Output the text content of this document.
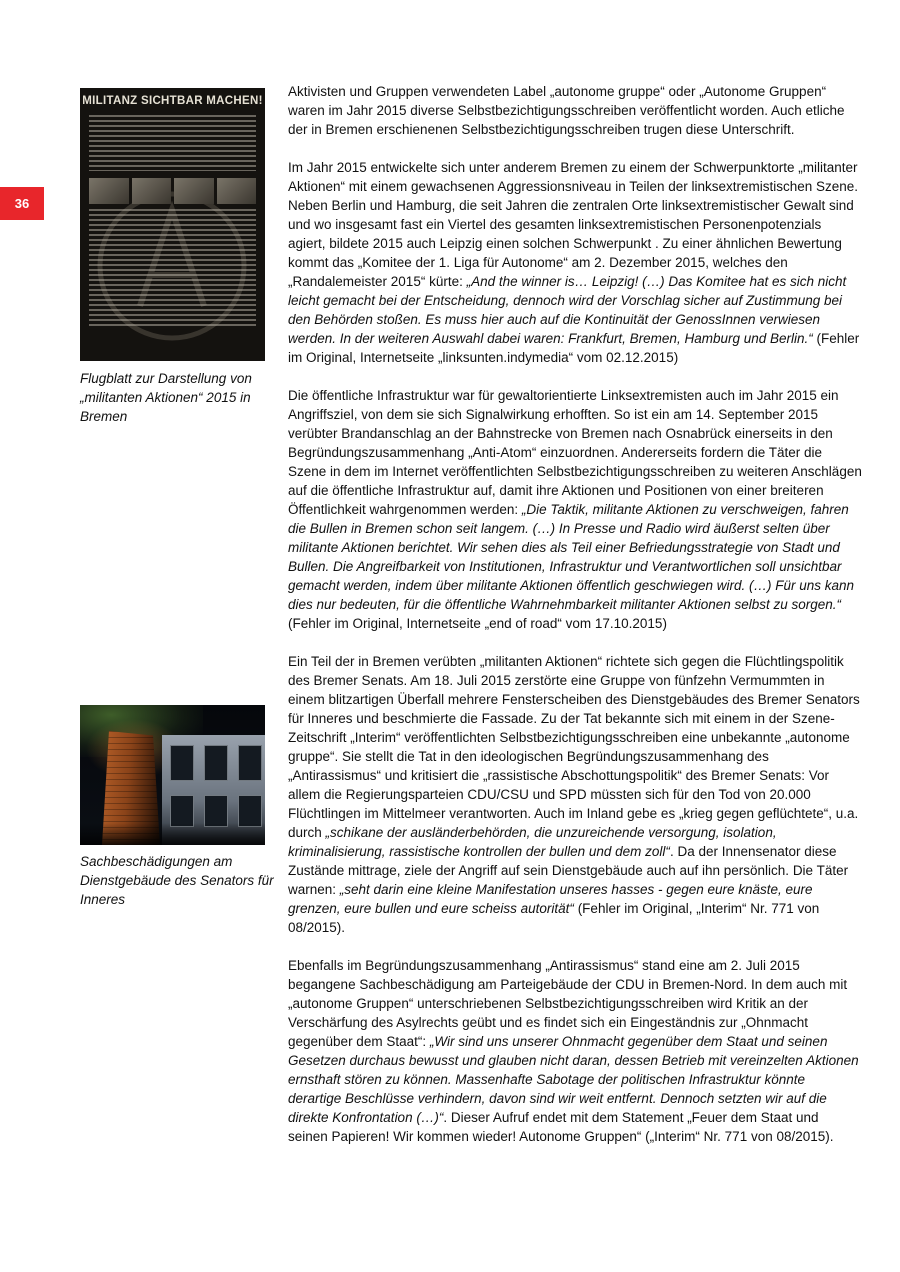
36
MILITANZ SICHTBAR MACHEN!
Flugblatt zur Darstellung von „militanten Aktionen“ 2015 in Bremen
Sachbeschädigungen am Dienstgebäude des Senators für Inneres

Aktivisten und Gruppen verwendeten Label „autonome gruppe“ oder „Autonome Gruppen“ waren im Jahr 2015 diverse Selbstbezichtigungsschreiben veröffentlicht worden. Auch etliche der in Bremen erschienenen Selbstbezichtigungsschreiben trugen diese Unterschrift.

Im Jahr 2015 entwickelte sich unter anderem Bremen zu einem der Schwerpunktorte „militanter Aktionen“ mit einem gewachsenen Aggressionsniveau in Teilen der linksextremistischen Szene. Neben Berlin und Hamburg, die seit Jahren die zentralen Orte linksextremistischer Gewalt sind und wo insgesamt fast ein Viertel des gesamten linksextremistischen Personenpotenzials agiert, bildete 2015 auch Leipzig einen solchen Schwerpunkt . Zu einer ähnlichen Bewertung kommt das „Komitee der 1. Liga für Autonome“ am 2. Dezember 2015, welches den „Randalemeister 2015“ kürte: „And the winner is… Leipzig! (…) Das Komitee hat es sich nicht leicht gemacht bei der Entscheidung, dennoch wird der Vorschlag sicher auf Zustimmung bei den Behörden stoßen. Es muss hier auch auf die Kontinuität der GenossInnen verwiesen werden. In der weiteren Auswahl dabei waren: Frankfurt, Bremen, Hamburg und Berlin.“ (Fehler im Original, Internetseite „linksunten.indymedia“ vom 02.12.2015)

Die öffentliche Infrastruktur war für gewaltorientierte Linksextremisten auch im Jahr 2015 ein Angriffsziel, von dem sie sich Signalwirkung erhofften. So ist ein am 14. September 2015 verübter Brandanschlag an der Bahnstrecke von Bremen nach Osnabrück einerseits in den Begründungszusammenhang „Anti-Atom“ einzuordnen. Andererseits fordern die Täter die Szene in dem im Internet veröffentlichten Selbstbezichtigungsschreiben zu weiteren Anschlägen auf die öffentliche Infrastruktur auf, damit ihre Aktionen und Positionen von einer breiteren Öffentlichkeit wahrgenommen werden: „Die Taktik, militante Aktionen zu verschweigen, fahren die Bullen in Bremen schon seit langem. (…) In Presse und Radio wird äußerst selten über militante Aktionen berichtet. Wir sehen dies als Teil einer Befriedungsstrategie von Stadt und Bullen. Die Angreifbarkeit von Institutionen, Infrastruktur und Verantwortlichen soll unsichtbar gemacht werden, indem über militante Aktionen öffentlich geschwiegen wird. (…) Für uns kann dies nur bedeuten, für die öffentliche Wahrnehmbarkeit militanter Aktionen selbst zu sorgen.“ (Fehler im Original, Internetseite „end of road“ vom 17.10.2015)

Ein Teil der in Bremen verübten „militanten Aktionen“ richtete sich gegen die Flüchtlingspolitik des Bremer Senats. Am 18. Juli 2015 zerstörte eine Gruppe von fünfzehn Vermummten in einem blitzartigen Überfall mehrere Fensterscheiben des Dienstgebäudes des Bremer Senators für Inneres und beschmierte die Fassade. Zu der Tat bekannte sich mit einem in der Szene-Zeitschrift „Interim“ veröffentlichten Selbstbezichtigungsschreiben eine unbekannte „autonome gruppe“. Sie stellt die Tat in den ideologischen Begründungszusammenhang des „Antirassismus“ und kritisiert die „rassistische Abschottungspolitik“ des Bremer Senats: Vor allem die Regierungsparteien CDU/CSU und SPD müssten sich für den Tod von 20.000 Flüchtlingen im Mittelmeer verantworten. Auch im Inland gebe es „krieg gegen geflüchtete“, u.a. durch „schikane der ausländerbehörden, die unzureichende versorgung, isolation, kriminalisierung, rassistische kontrollen der bullen und dem zoll“. Da der Innensenator diese Zustände mittrage, ziele der Angriff auf sein Dienstgebäude auch auf ihn persönlich. Die Täter warnen: „seht darin eine kleine Manifestation unseres hasses - gegen eure knäste, eure grenzen, eure bullen und eure scheiss autorität“ (Fehler im Original, „Interim“ Nr. 771 von 08/2015).

Ebenfalls im Begründungszusammenhang „Antirassismus“ stand eine am 2. Juli 2015 begangene Sachbeschädigung am Parteigebäude der CDU in Bremen-Nord. In dem auch mit „autonome Gruppen“ unterschriebenen Selbstbezichtigungsschreiben wird Kritik an der Verschärfung des Asylrechts geübt und es findet sich ein Eingeständnis zur „Ohnmacht gegenüber dem Staat“: „Wir sind uns unserer Ohnmacht gegenüber dem Staat und seinen Gesetzen durchaus bewusst und glauben nicht daran, dessen Betrieb mit vereinzelten Aktionen ernsthaft stören zu können. Massenhafte Sabotage der politischen Infrastruktur könnte derartige Beschlüsse verhindern, davon sind wir weit entfernt. Dennoch setzten wir auf die direkte Konfrontation (…)“. Dieser Aufruf endet mit dem Statement „Feuer dem Staat und seinen Papieren! Wir kommen wieder! Autonome Gruppen“ („Interim“ Nr. 771 von 08/2015).
